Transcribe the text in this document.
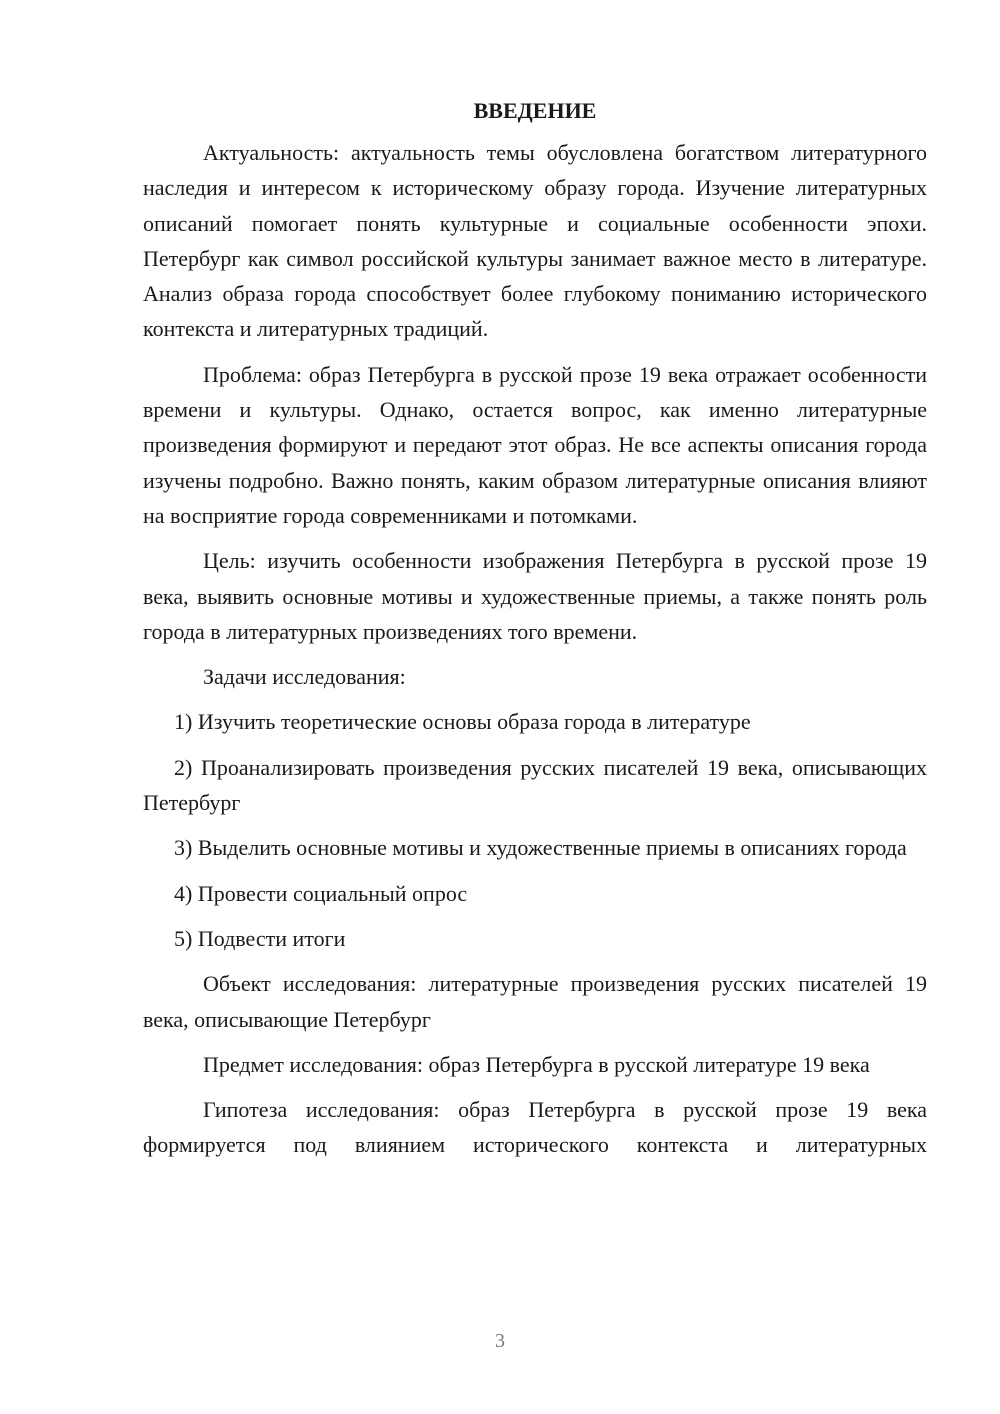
ВВЕДЕНИЕ

Актуальность: актуальность темы обусловлена богатством литературного наследия и интересом к историческому образу города. Изучение литературных описаний помогает понять культурные и социальные особенности эпохи. Петербург как символ российской культуры занимает важное место в литературе. Анализ образа города способствует более глубокому пониманию исторического контекста и литературных традиций.

Проблема: образ Петербурга в русской прозе 19 века отражает особенности времени и культуры. Однако, остается вопрос, как именно литературные произведения формируют и передают этот образ. Не все аспекты описания города изучены подробно. Важно понять, каким образом литературные описания влияют на восприятие города современниками и потомками.

Цель: изучить особенности изображения Петербурга в русской прозе 19 века, выявить основные мотивы и художественные приемы, а также понять роль города в литературных произведениях того времени.

Задачи исследования:

1) Изучить теоретические основы образа города в литературе

2) Проанализировать произведения русских писателей 19 века, описывающих Петербург

3) Выделить основные мотивы и художественные приемы в описаниях города

4) Провести социальный опрос

5) Подвести итоги

Объект исследования: литературные произведения русских писателей 19 века, описывающие Петербург

Предмет исследования: образ Петербурга в русской литературе 19 века

Гипотеза исследования: образ Петербурга в русской прозе 19 века формируется под влиянием исторического контекста и литературных

3
